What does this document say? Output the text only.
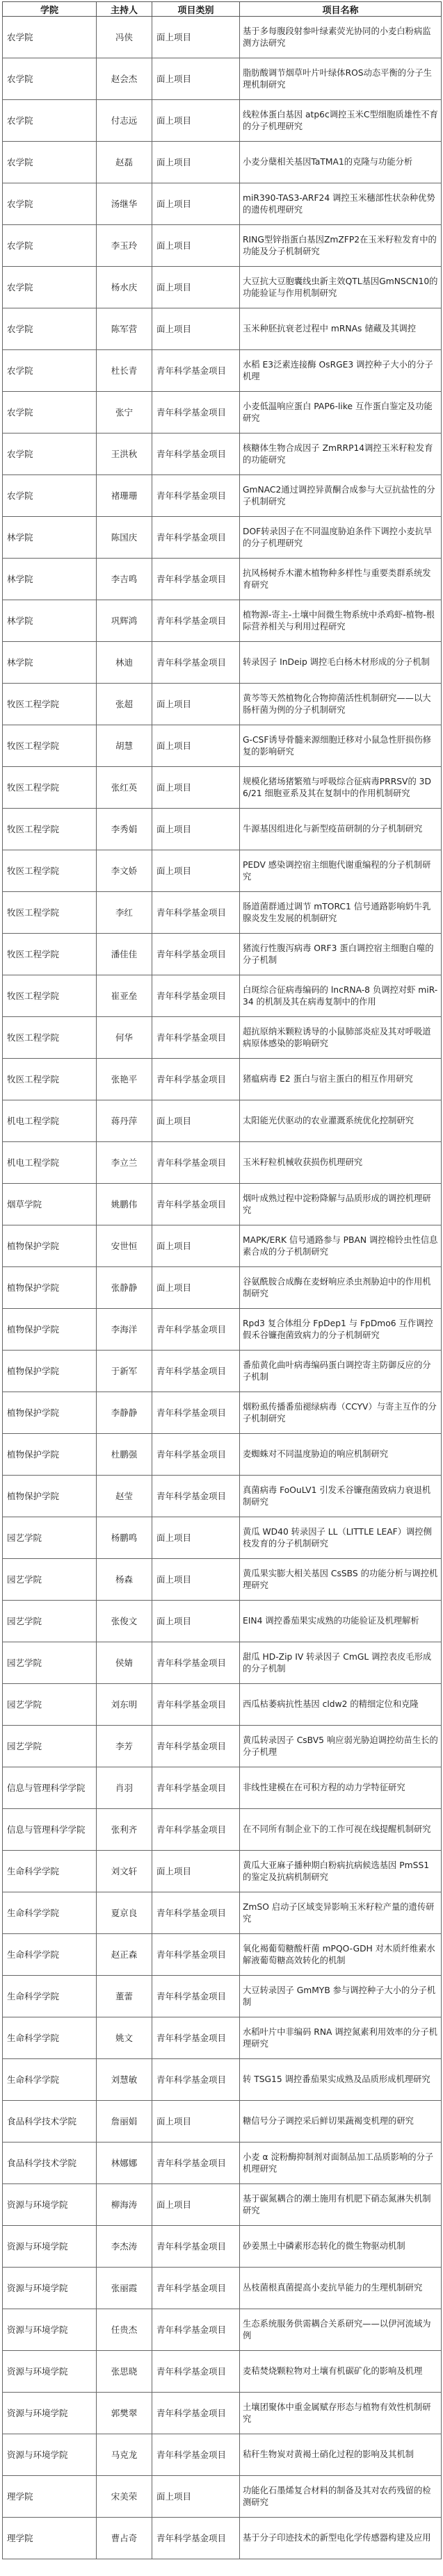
学院	主持人	项目类别	项目名称
农学院	冯侠	面上项目	基于多每腹段射参叶绿素荧光协同的小麦白粉病监测方法研究
农学院	赵会杰	面上项目	脂肪酸调节烟草叶片叶绿体ROS动态平衡的分子生理机制研究
农学院	付志远	面上项目	线粒体蛋白基因 atp6c调控玉米C型细胞质雄性不育的分子机理研究
农学院	赵磊	面上项目	小麦分蘖相关基因TaTMA1的克隆与功能分析
农学院	汤继华	面上项目	miR390-TAS3-ARF24 调控玉米穗部性状杂种优势的遗传机理研究
农学院	李玉玲	面上项目	RING型锌指蛋白基因ZmZFP2在玉米籽粒发育中的功能及分子机制研究
农学院	杨水庆	面上项目	大豆抗大豆胞囊线虫新主效QTL基因GmNSCN10的功能验证与作用机制研究
农学院	陈军营	面上项目	玉米种胚抗衰老过程中 mRNAs 储藏及其调控
农学院	杜长青	青年科学基金项目	水稻 E3泛素连接酶 OsRGE3 调控种子大小的分子机理
农学院	张宁	青年科学基金项目	小麦低温响应蛋白 PAP6-like 互作蛋白鉴定及功能研究
农学院	王洪秋	青年科学基金项目	核糖体生物合成因子 ZmRRP14调控玉米籽粒发育的功能研究
农学院	褚珊珊	青年科学基金项目	GmNAC2通过调控异黄酮合成参与大豆抗盐性的分子机制研究
林学院	陈国庆	青年科学基金项目	DOF转录因子在不同温度胁迫条件下调控小麦抗旱的分子机理研究
林学院	李吉鸣	青年科学基金项目	抗风杨树乔木灌木植物种多样性与重要类群系统发育研究
林学院	巩辉鸿	青年科学基金项目	植物源-寄主-土壤中间微生物系统中杀鸡虾-植物-根际营养相关与利用过程研究
林学院	林迪	青年科学基金项目	转录因子 InDeip 调控毛白杨木材形成的分子机制
牧医工程学院	张超	面上项目	黄芩等天然植物化合物抑菌活性机制研究——以大肠杆菌为例的分子机制研究
牧医工程学院	胡慧	面上项目	G-CSF诱导骨髓来源细胞迁移对小鼠急性肝损伤修复的影响研究
牧医工程学院	张红英	面上项目	规模化猪场猪繁殖与呼吸综合征病毒PRRSV的 3D6/21 细胞亚系及其在复制中的作用机制研究
牧医工程学院	李秀娟	面上项目	牛源基因组进化与新型疫苗研制的分子机制研究
牧医工程学院	李文娇	面上项目	PEDV 感染调控宿主细胞代谢重编程的分子机制研究
牧医工程学院	李红	青年科学基金项目	肠道菌群通过调节 mTORC1 信号通路影响奶牛乳腺炎发生发展的机制研究
牧医工程学院	潘佳佳	青年科学基金项目	猪流行性腹泻病毒 ORF3 蛋白调控宿主细胞自噬的分子机制
牧医工程学院	崔亚垒	青年科学基金项目	白斑综合征病毒编码的 lncRNA-8 负调控对虾 miR-34 的机制及其在病毒复制中的作用
牧医工程学院	何华	青年科学基金项目	超抗原纳米颗粒诱导的小鼠肺部炎症及其对呼吸道病原体感染的影响研究
牧医工程学院	张艳平	青年科学基金项目	猪瘟病毒 E2 蛋白与宿主蛋白的相互作用研究
机电工程学院	蒋丹萍	面上项目	太阳能光伏驱动的农业灌溉系统优化控制研究
机电工程学院	李立兰	青年科学基金项目	玉米籽粒机械收获损伤机理研究
烟草学院	姚鹏伟	青年科学基金项目	烟叶成熟过程中淀粉降解与品质形成的调控机理研究
植物保护学院	安世恒	面上项目	MAPK/ERK 信号通路参与 PBAN 调控棉铃虫性信息素合成的分子机制研究
植物保护学院	张静静	面上项目	谷氨酰胺合成酶在麦蚜响应杀虫剂胁迫中的作用机制研究
植物保护学院	李海洋	青年科学基金项目	Rpd3 复合体组分 FpDep1 与 FpDmo6 互作调控假禾谷镰孢菌致病力的分子机制研究
植物保护学院	于新军	青年科学基金项目	番茄黄化曲叶病毒编码蛋白调控寄主防御反应的分子机制
植物保护学院	李静静	青年科学基金项目	烟粉虱传播番茄褪绿病毒（CCYV）与寄主互作的分子机制研究
植物保护学院	杜鹏强	青年科学基金项目	麦蜘蛛对不同温度胁迫的响应机制研究
植物保护学院	赵莹	青年科学基金项目	真菌病毒 FoOuLV1 引发禾谷镰孢菌致病力衰退机制研究
园艺学院	杨鹏鸣	面上项目	黄瓜 WD40 转录因子 LL（LITTLE LEAF）调控侧枝发育的分子机制研究
园艺学院	杨森	面上项目	黄瓜果实膨大相关基因 CsSBS 的功能分析与调控机理研究
园艺学院	张俊文	面上项目	EIN4 调控番茄果实成熟的功能验证及机理解析
园艺学院	侯婧	青年科学基金项目	甜瓜 HD-Zip IV 转录因子 CmGL 调控表皮毛形成的分子机制
园艺学院	刘东明	青年科学基金项目	西瓜枯萎病抗性基因 cldw2 的精细定位和克隆
园艺学院	李芳	青年科学基金项目	黄瓜转录因子 CsBV5 响应弱光胁迫调控幼苗生长的分子机理
信息与管理科学学院	肖羽	青年科学基金项目	非线性建模在在可积方程的动力学特征研究
信息与管理科学学院	张利齐	青年科学基金项目	在不同所有制企业下的工作可视在线提醒机制研究
生命科学学院	刘文轩	面上项目	黄瓜大亚麻子播种期白粉病抗病候选基因 PmSS1 的鉴定及抗病机制研究
生命科学学院	夏京良	青年科学基金项目	ZmSO 启动子区域变异影响玉米籽粒产量的遗传研究
生命科学学院	赵正森	青年科学基金项目	氧化褐葡萄糖酸杆菌 mPQO-GDH 对木质纤维素水解液葡萄糖高效转化的机制
生命科学学院	董蕾	青年科学基金项目	大豆转录因子 GmMYB 参与调控种子大小的分子机制
生命科学学院	姚文	青年科学基金项目	水稻叶片中非编码 RNA 调控氮素利用效率的分子机理研究
生命科学学院	刘慧敏	青年科学基金项目	转 TSG15 调控番茄果实成熟及品质形成机理研究
食品科学技术学院	詹丽娟	面上项目	糖信号分子调控采后鲜切果蔬褐变机理的研究
食品科学技术学院	林娜娜	青年科学基金项目	小麦 α 淀粉酶抑制剂对面制品加工品质影响的分子机理研究
资源与环境学院	柳海涛	面上项目	基于碳氮耦合的潮土施用有机肥下硝态氮淋失机制研究
资源与环境学院	李杰涛	青年科学基金项目	砂姜黑土中磷素形态转化的微生物驱动机制
资源与环境学院	张丽霞	青年科学基金项目	丛枝菌根真菌提高小麦抗旱能力的生理机制研究
资源与环境学院	任贵杰	青年科学基金项目	生态系统服务供需耦合关系研究——以伊河流域为例
资源与环境学院	张思晓	青年科学基金项目	麦秸焚烧颗粒物对土壤有机碳矿化的影响及机理
资源与环境学院	郭樊翠	青年科学基金项目	土壤团聚体中重金属赋存形态与植物有效性机制研究
资源与环境学院	马克龙	青年科学基金项目	秸秆生物炭对黄褐土硝化过程的影响及其机制
理学院	宋美荣	面上项目	功能化石墨烯复合材料的制备及其对农药残留的检测研究
理学院	曹占奇	青年科学基金项目	基于分子印迹技术的新型电化学传感器构建及应用
